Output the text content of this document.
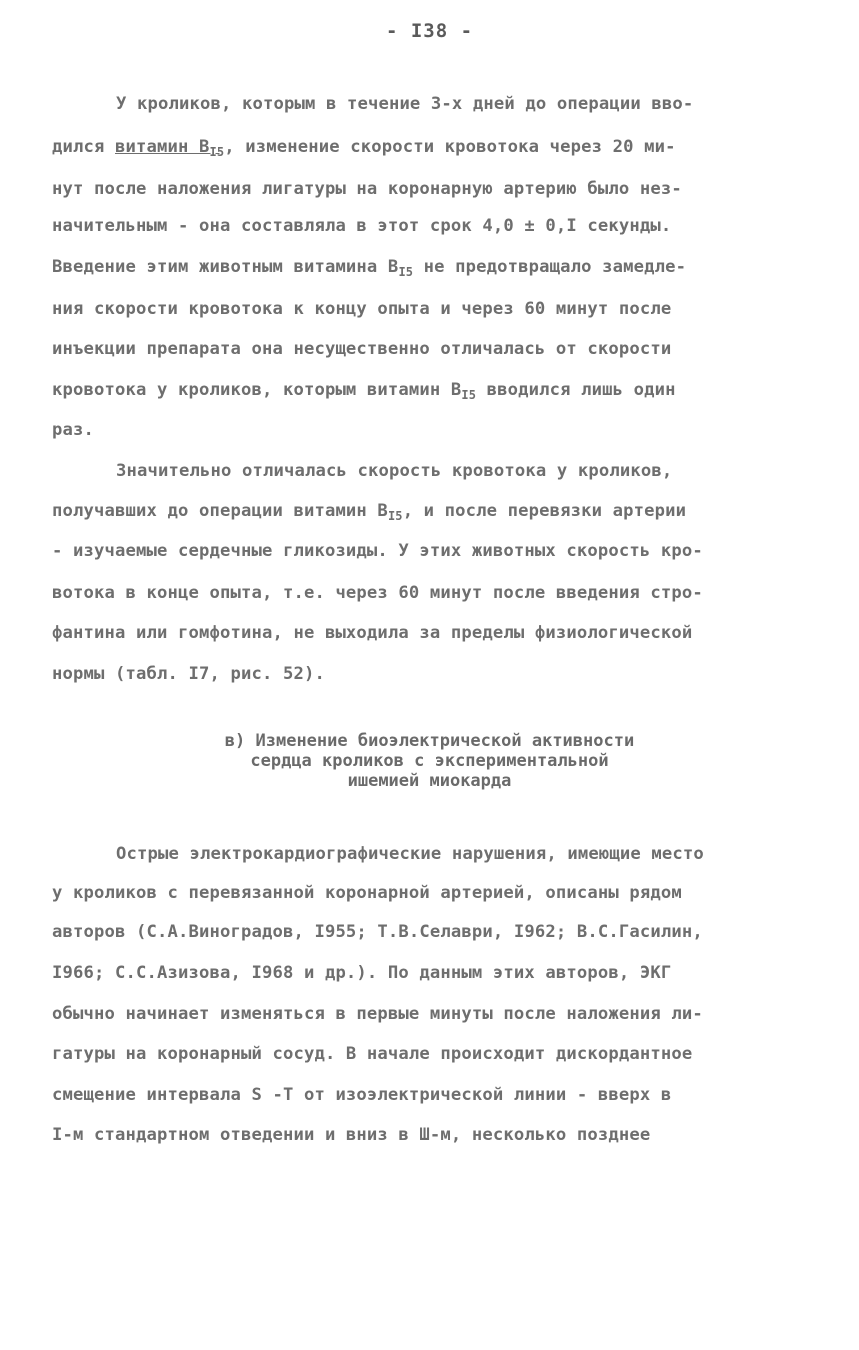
- I38 -
У кроликов, которым в течение 3-х дней до операции вво-
дился витамин $B_{I5}$, изменение скорости кровотока через 20 ми-
нут после наложения лигатуры на коронарную артерию было нез-
начительным - она составляла в этот срок 4,0 ± 0,I секунды.
Введение этим животным витамина $B_{I5}$ не предотвращало замедле-
ния скорости кровотока к концу опыта и через 60 минут после
инъекции препарата она несущественно отличалась от скорости
кровотока у кроликов, которым витамин $B_{I5}$ вводился лишь один
раз.
Значительно отличалась скорость кровотока у кроликов,
получавших до операции витамин $B_{I5}$, и после перевязки артерии
- изучаемые сердечные гликозиды. У этих животных скорость кро-
вотока в конце опыта, т.е. через 60 минут после введения стро-
фантина или гомфотина, не выходила за пределы физиологической
нормы (табл. I7, рис. 52).
в) Изменение биоэлектрической активности
сердца кроликов с экспериментальной
ишемией миокарда
Острые электрокардиографические нарушения, имеющие место
у кроликов с перевязанной коронарной артерией, описаны рядом
авторов (С.А.Виноградов, I955; Т.В.Селаври, I962; В.С.Гасилин,
I966; С.С.Азизова, I968 и др.). По данным этих авторов, ЭКГ
обычно начинает изменяться в первые минуты после наложения ли-
гатуры на коронарный сосуд. В начале происходит дискордантное
смещение интервала S -T от изоэлектрической линии - вверх в
I-м стандартном отведении и вниз в Ш-м, несколько позднее
